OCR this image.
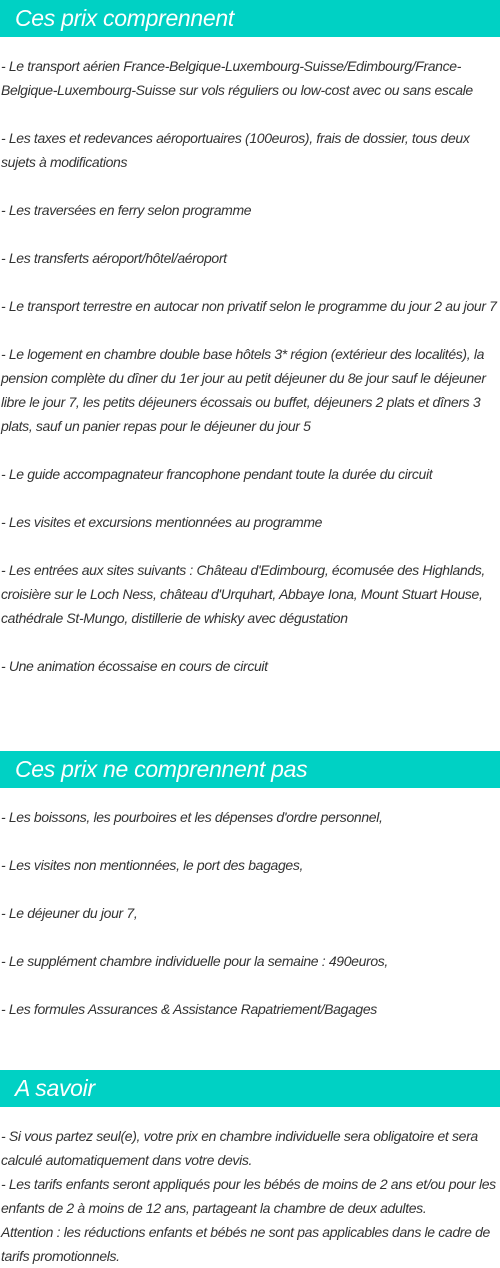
Ces prix comprennent

- Le transport aérien France-Belgique-Luxembourg-Suisse/Edimbourg/France-Belgique-Luxembourg-Suisse sur vols réguliers ou low-cost avec ou sans escale

- Les taxes et redevances aéroportuaires (100euros), frais de dossier, tous deux sujets à modifications

- Les traversées en ferry selon programme

- Les transferts aéroport/hôtel/aéroport

- Le transport terrestre en autocar non privatif selon le programme du jour 2 au jour 7

- Le logement en chambre double base hôtels 3* région (extérieur des localités), la pension complète du dîner du 1er jour au petit déjeuner du 8e jour sauf le déjeuner libre le jour 7, les petits déjeuners écossais ou buffet, déjeuners 2 plats et dîners 3 plats, sauf un panier repas pour le déjeuner du jour 5

- Le guide accompagnateur francophone pendant toute la durée du circuit

- Les visites et excursions mentionnées au programme

- Les entrées aux sites suivants : Château d'Edimbourg, écomusée des Highlands, croisière sur le Loch Ness, château d'Urquhart, Abbaye Iona, Mount Stuart House, cathédrale St-Mungo, distillerie de whisky avec dégustation

- Une animation écossaise en cours de circuit

Ces prix ne comprennent pas

- Les boissons, les pourboires et les dépenses d'ordre personnel,

- Les visites non mentionnées, le port des bagages,

- Le déjeuner du jour 7,

- Le supplément chambre individuelle pour la semaine : 490euros,

- Les formules Assurances & Assistance Rapatriement/Bagages

A savoir

- Si vous partez seul(e), votre prix en chambre individuelle sera obligatoire et sera calculé automatiquement dans votre devis.

- Les tarifs enfants seront appliqués pour les bébés de moins de 2 ans et/ou pour les enfants de 2 à moins de 12 ans, partageant la chambre de deux adultes.

Attention : les réductions enfants et bébés ne sont pas applicables dans le cadre de tarifs promotionnels.
